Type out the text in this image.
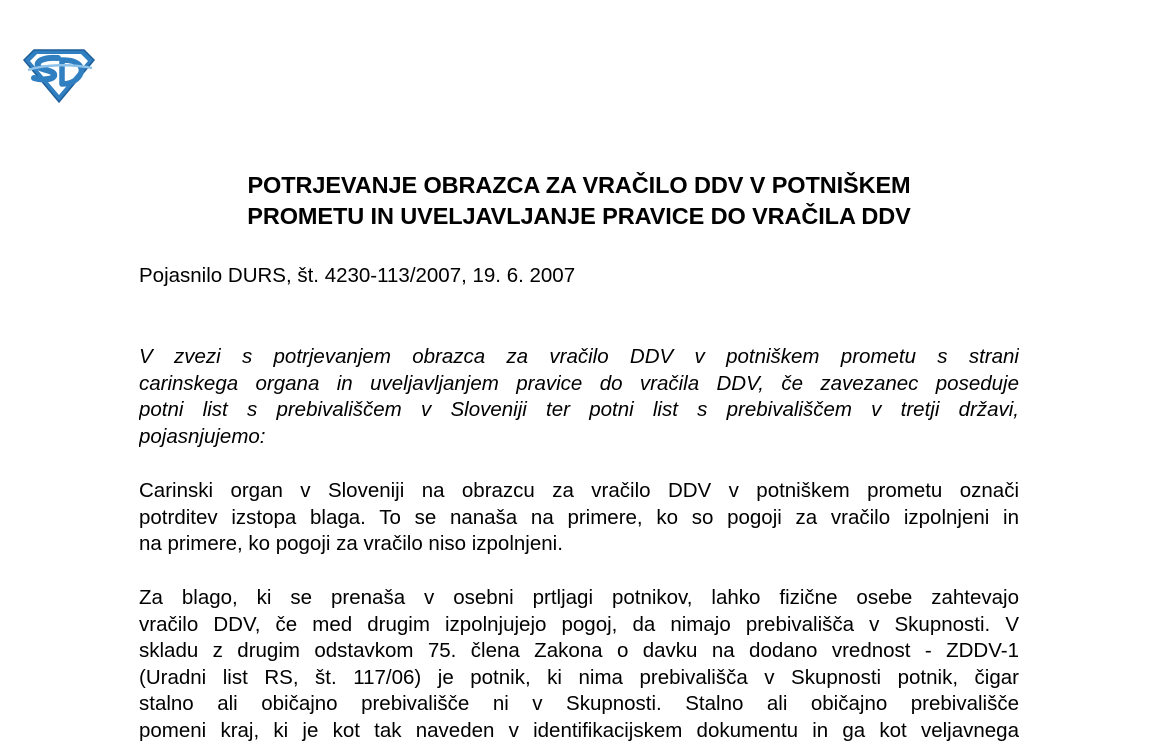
POTRJEVANJE OBRAZCA ZA VRAČILO DDV V POTNIŠKEM
PROMETU IN UVELJAVLJANJE PRAVICE DO VRAČILA DDV

Pojasnilo DURS, št. 4230-113/2007, 19. 6. 2007

V zvezi s potrjevanjem obrazca za vračilo DDV v potniškem prometu s strani
carinskega organa in uveljavljanjem pravice do vračila DDV, če zavezanec poseduje
potni list s prebivališčem v Sloveniji ter potni list s prebivališčem v tretji državi,
pojasnjujemo:

Carinski organ v Sloveniji na obrazcu za vračilo DDV v potniškem prometu označi
potrditev izstopa blaga. To se nanaša na primere, ko so pogoji za vračilo izpolnjeni in
na primere, ko pogoji za vračilo niso izpolnjeni.

Za blago, ki se prenaša v osebni prtljagi potnikov, lahko fizične osebe zahtevajo
vračilo DDV, če med drugim izpolnjujejo pogoj, da nimajo prebivališča v Skupnosti. V
skladu z drugim odstavkom 75. člena Zakona o davku na dodano vrednost - ZDDV-1
(Uradni list RS, št. 117/06) je potnik, ki nima prebivališča v Skupnosti potnik, čigar
stalno ali običajno prebivališče ni v Skupnosti. Stalno ali običajno prebivališče
pomeni kraj, ki je kot tak naveden v identifikacijskem dokumentu in ga kot veljavnega
